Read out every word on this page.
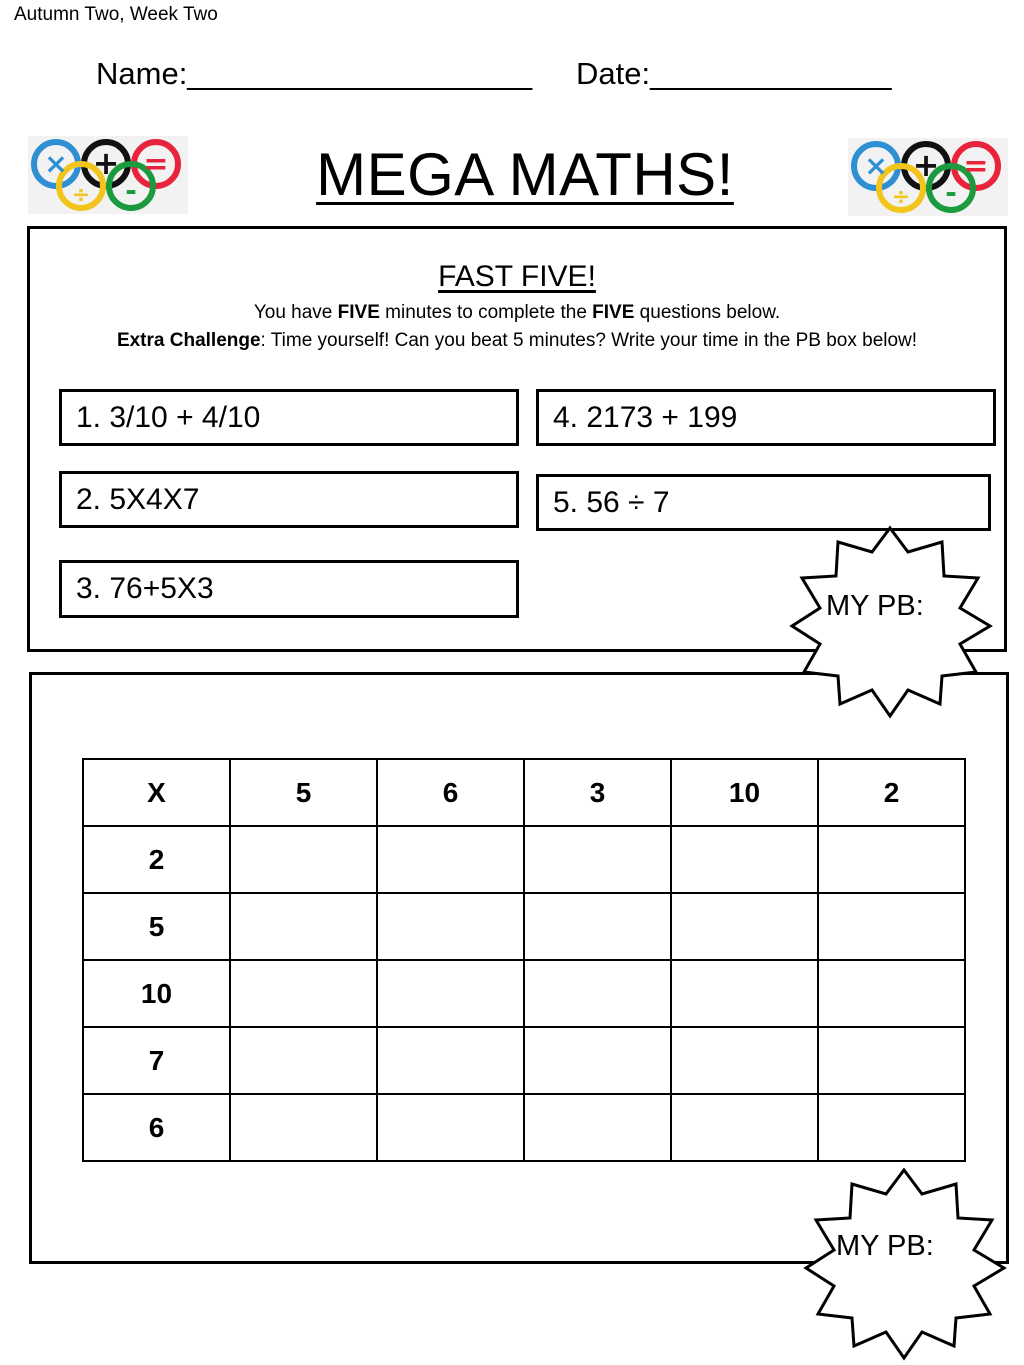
Autumn Two, Week Two
Name:____________________ Date:______________
MEGA MATHS!
× + =
÷ -
× + =
÷ -
FAST FIVE!
You have FIVE minutes to complete the FIVE questions below.
Extra Challenge: Time yourself! Can you beat 5 minutes? Write your time in the PB box below!
1. 3/10 + 4/10
2. 5X4X7
3. 76+5X3
4. 2173 + 199
5. 56 ÷ 7
MY PB:
X	5	6	3	10	2
2					
5					
10					
7					
6					
MY PB:
